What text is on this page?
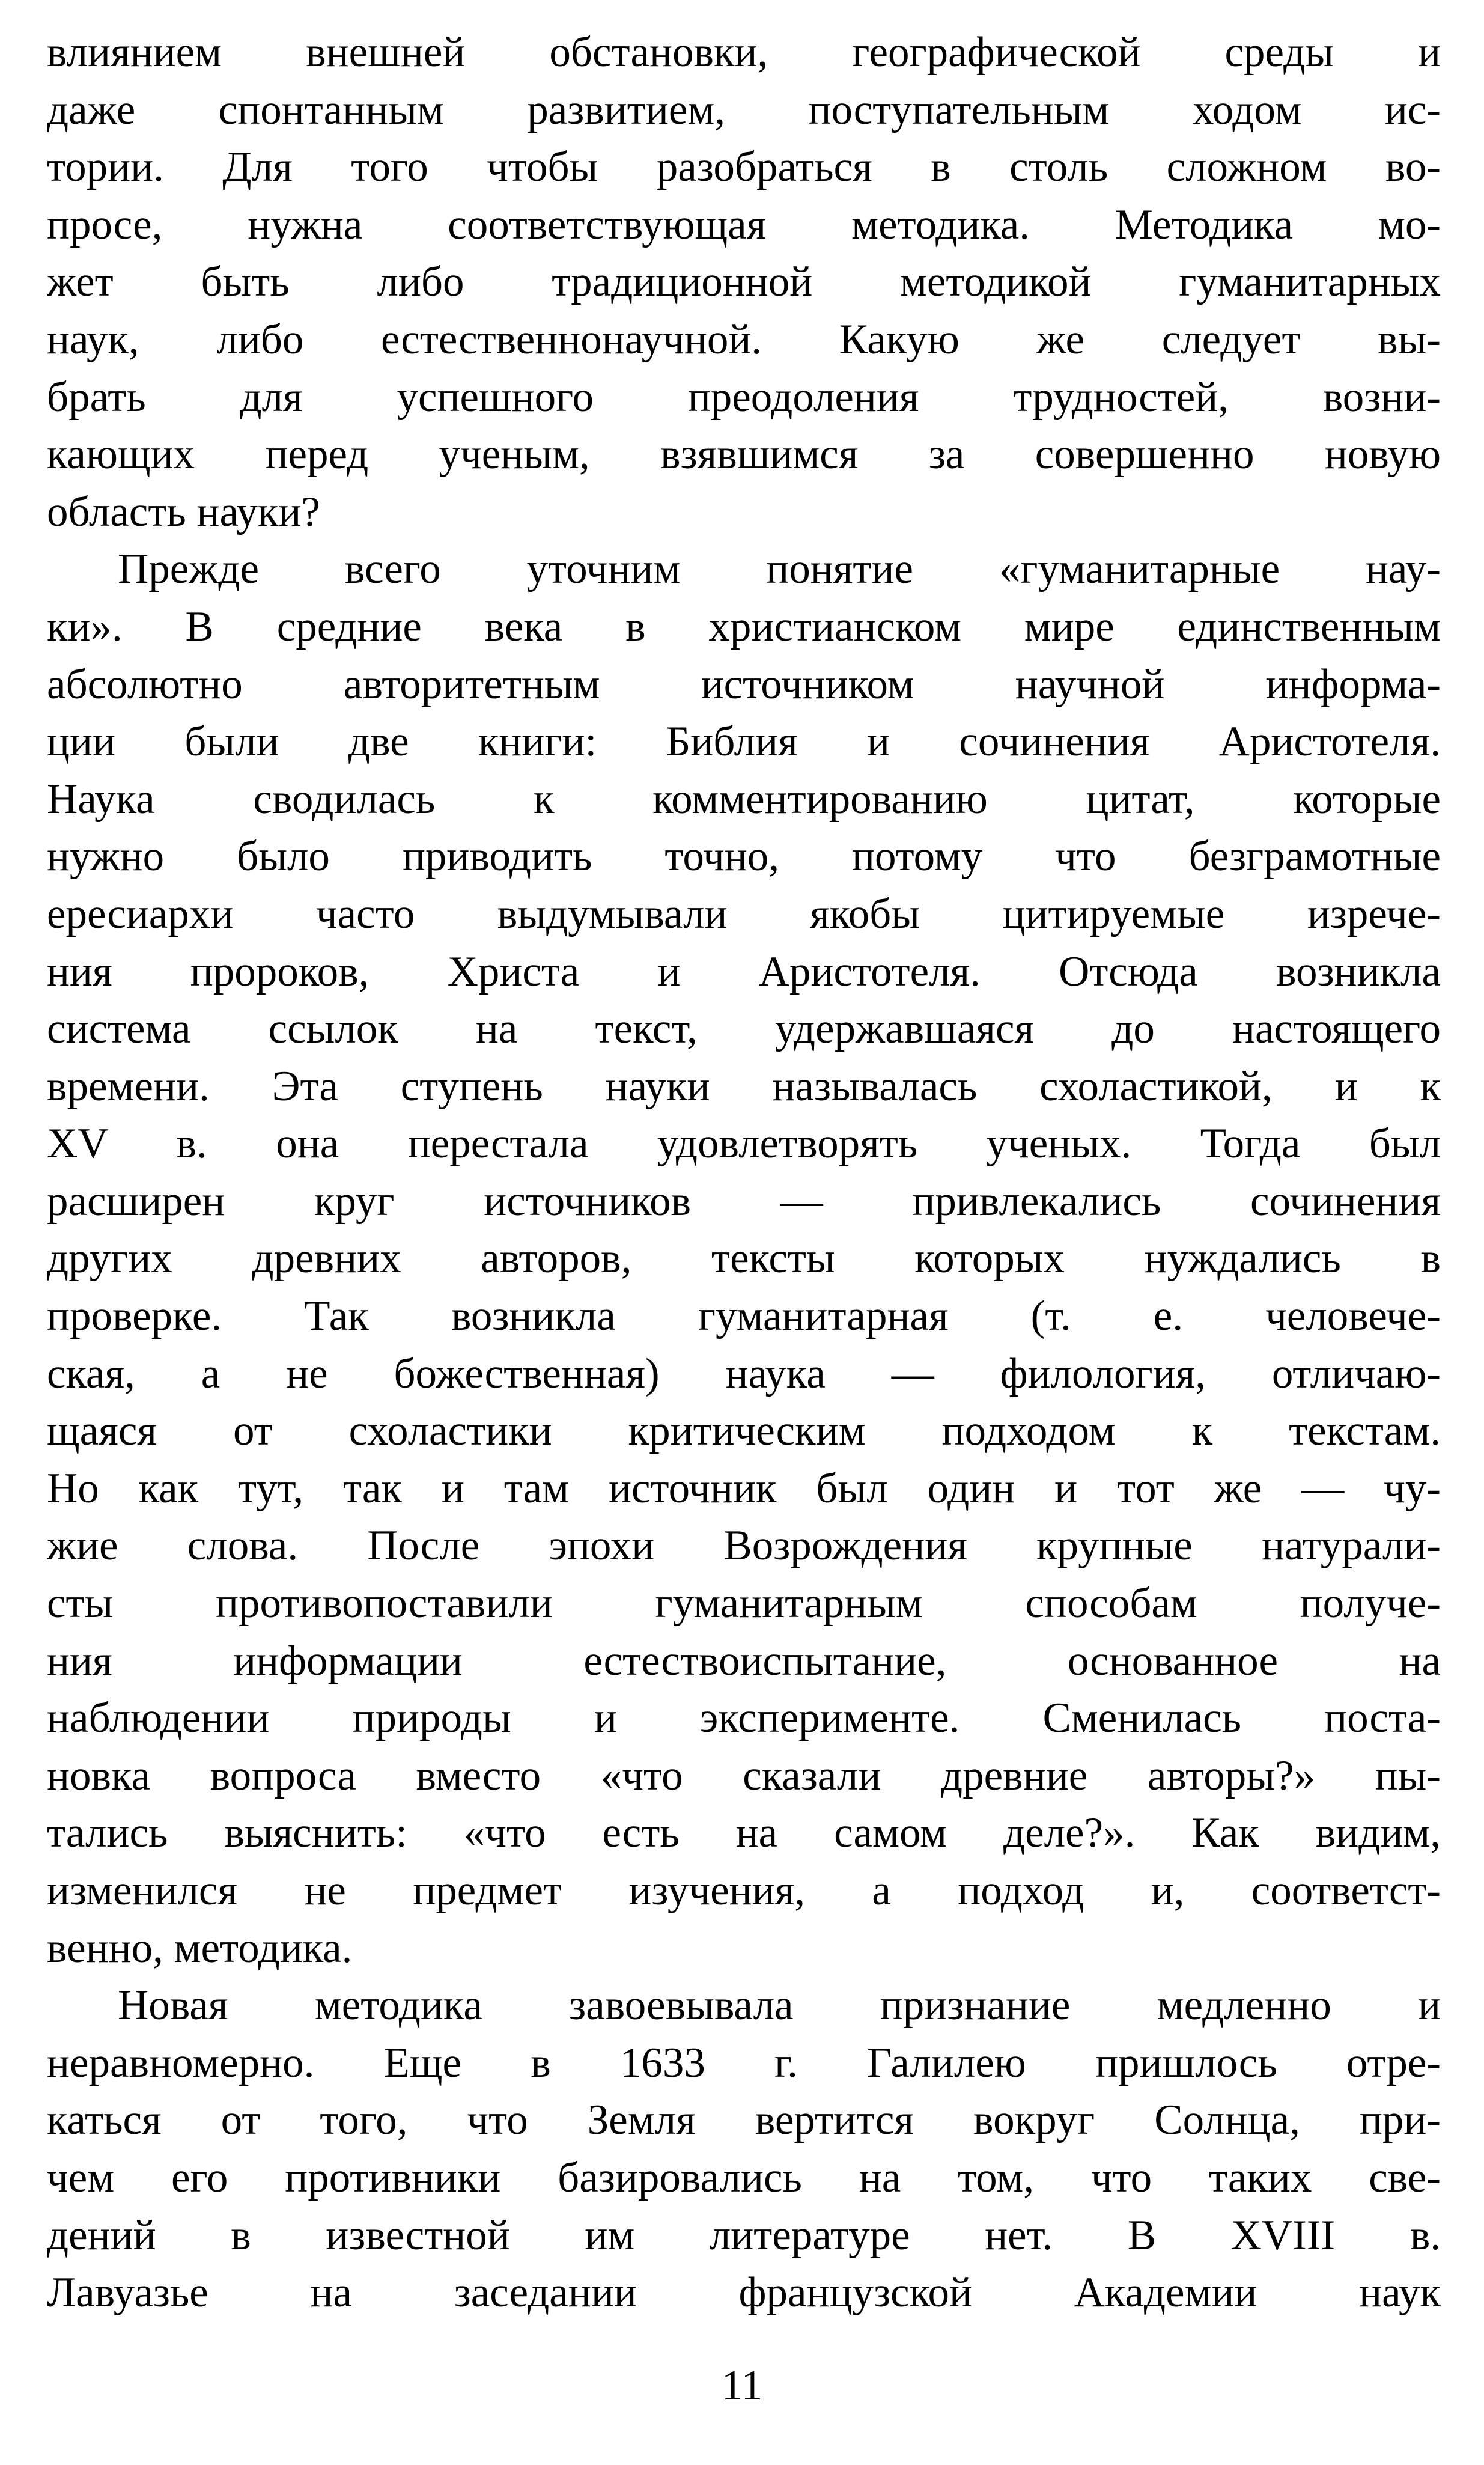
влиянием внешней обстановки, географической среды и
даже спонтанным развитием, поступательным ходом ис-
тории. Для того чтобы разобраться в столь сложном во-
просе, нужна соответствующая методика. Методика мо-
жет быть либо традиционной методикой гуманитарных
наук, либо естественнонаучной. Какую же следует вы-
брать для успешного преодоления трудностей, возни-
кающих перед ученым, взявшимся за совершенно новую
область науки?
Прежде всего уточним понятие «гуманитарные нау-
ки». В средние века в христианском мире единственным
абсолютно авторитетным источником научной информа-
ции были две книги: Библия и сочинения Аристотеля.
Наука сводилась к комментированию цитат, которые
нужно было приводить точно, потому что безграмотные
ересиархи часто выдумывали якобы цитируемые изрече-
ния пророков, Христа и Аристотеля. Отсюда возникла
система ссылок на текст, удержавшаяся до настоящего
времени. Эта ступень науки называлась схоластикой, и к
XV в. она перестала удовлетворять ученых. Тогда был
расширен круг источников — привлекались сочинения
других древних авторов, тексты которых нуждались в
проверке. Так возникла гуманитарная (т. е. человече-
ская, а не божественная) наука — филология, отличаю-
щаяся от схоластики критическим подходом к текстам.
Но как тут, так и там источник был один и тот же — чу-
жие слова. После эпохи Возрождения крупные натурали-
сты противопоставили гуманитарным способам получе-
ния информации естествоиспытание, основанное на
наблюдении природы и эксперименте. Сменилась поста-
новка вопроса вместо «что сказали древние авторы?» пы-
тались выяснить: «что есть на самом деле?». Как видим,
изменился не предмет изучения, а подход и, соответст-
венно, методика.
Новая методика завоевывала признание медленно и
неравномерно. Еще в 1633 г. Галилею пришлось отре-
каться от того, что Земля вертится вокруг Солнца, при-
чем его противники базировались на том, что таких све-
дений в известной им литературе нет. В XVIII в.
Лавуазье на заседании французской Академии наук
11
